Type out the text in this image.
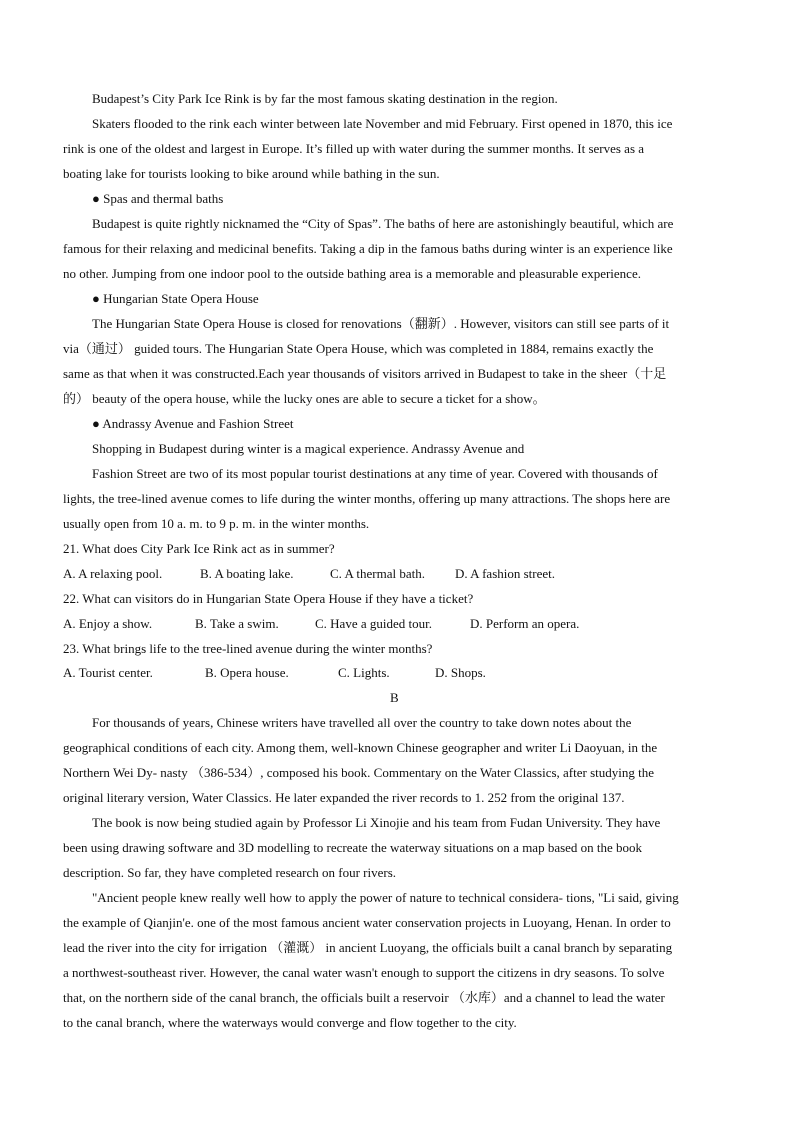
Budapest’s City Park Ice Rink is by far the most famous skating destination in the region.
Skaters flooded to the rink each winter between late November and mid February. First opened in 1870, this ice
rink is one of the oldest and largest in Europe. It’s filled up with water during the summer months. It serves as a
boating lake for tourists looking to bike around while bathing in the sun.
● Spas and thermal baths
Budapest is quite rightly nicknamed the “City of Spas”. The baths of here are astonishingly beautiful, which are
famous for their relaxing and medicinal benefits. Taking a dip in the famous baths during winter is an experience like
no other. Jumping from one indoor pool to the outside bathing area is a memorable and pleasurable experience.
● Hungarian State Opera House
The Hungarian State Opera House is closed for renovations（翻新）. However, visitors can still see parts of it
via（通过） guided tours. The Hungarian State Opera House, which was completed in 1884, remains exactly the
same as that when it was constructed.Each year thousands of visitors arrived in Budapest to take in the sheer（十足
的） beauty of the opera house, while the lucky ones are able to secure a ticket for a show。
● Andrassy Avenue and Fashion Street
Shopping in Budapest during winter is a magical experience. Andrassy Avenue and
Fashion Street are two of its most popular tourist destinations at any time of year. Covered with thousands of
lights, the tree-lined avenue comes to life during the winter months, offering up many attractions. The shops here are
usually open from 10 a. m. to 9 p. m. in the winter months.
21. What does City Park Ice Rink act as in summer?
A. A relaxing pool.	B. A boating lake.	C. A thermal bath. D. A fashion street.
22. What can visitors do in Hungarian State Opera House if they have a ticket?
A. Enjoy a show.	B. Take a swim.	C. Have a guided tour.	D. Perform an opera.
23. What brings life to the tree-lined avenue during the winter months?
A. Tourist center.	B. Opera house.	C. Lights.	D. Shops.
B
For thousands of years, Chinese writers have travelled all over the country to take down notes about the
geographical conditions of each city. Among them, well-known Chinese geographer and writer Li Daoyuan, in the
Northern Wei Dy- nasty （386-534）, composed his book. Commentary on the Water Classics, after studying the
original literary version, Water Classics. He later expanded the river records to 1. 252 from the original 137.
The book is now being studied again by Professor Li Xinojie and his team from Fudan University. They have
been using drawing software and 3D modelling to recreate the waterway situations on a map based on the book
description. So far, they have completed research on four rivers.
"Ancient people knew really well how to apply the power of nature to technical considera- tions, "Li said, giving
the example of Qianjin'e. one of the most famous ancient water conservation projects in Luoyang, Henan. In order to
lead the river into the city for irrigation （灌溉） in ancient Luoyang, the officials built a canal branch by separating
a northwest-southeast river. However, the canal water wasn't enough to support the citizens in dry seasons. To solve
that, on the northern side of the canal branch, the officials built a reservoir （水库）and a channel to lead the water
to the canal branch, where the waterways would converge and flow together to the city.
